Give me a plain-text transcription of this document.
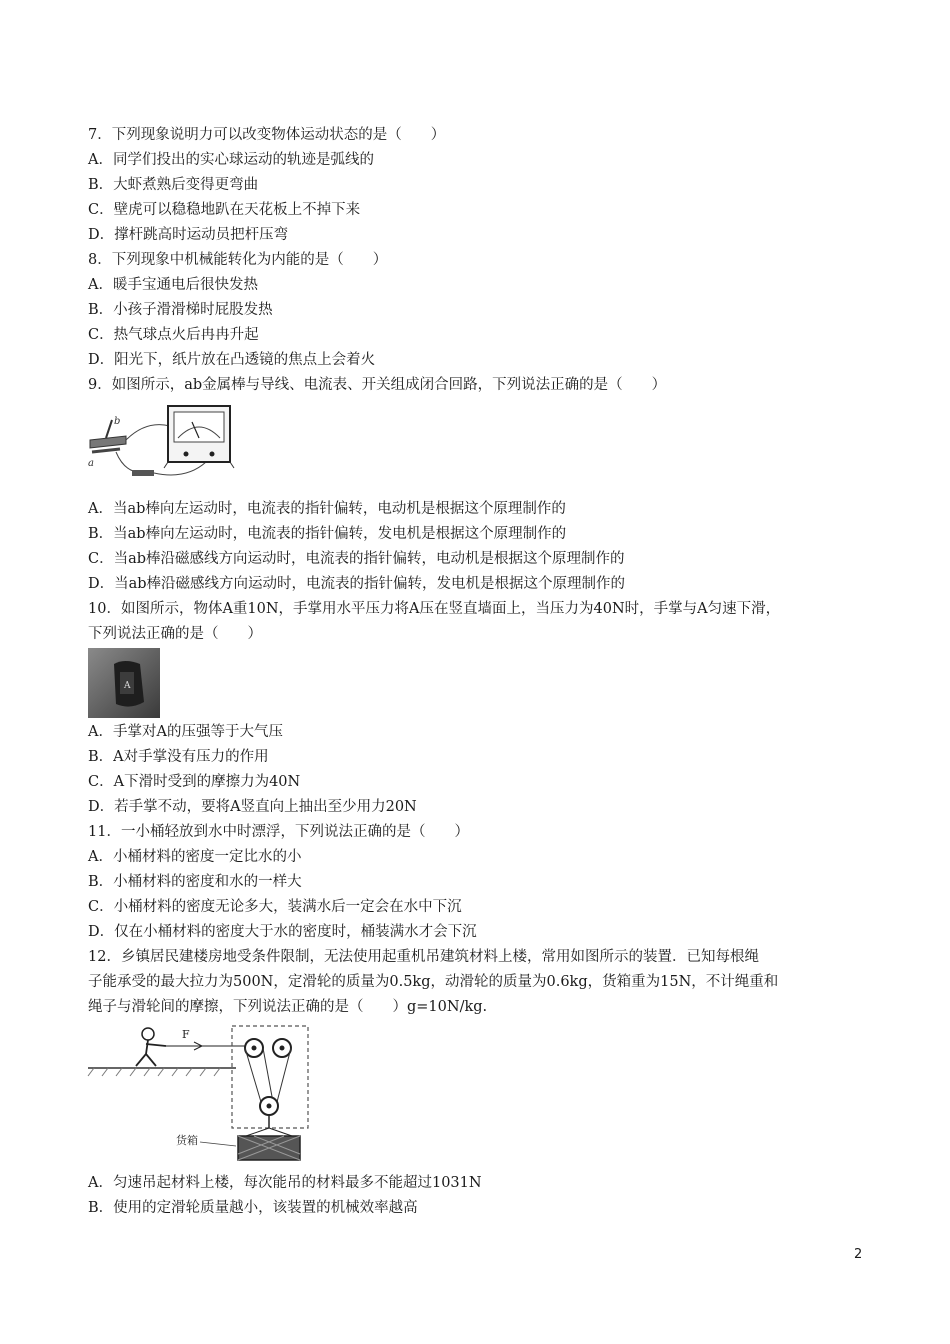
7．下列现象说明力可以改变物体运动状态的是（　　）
A．同学们投出的实心球运动的轨迹是弧线的
B．大虾煮熟后变得更弯曲
C．壁虎可以稳稳地趴在天花板上不掉下来
D．撑杆跳高时运动员把杆压弯
8．下列现象中机械能转化为内能的是（　　）
A．暖手宝通电后很快发热
B．小孩子滑滑梯时屁股发热
C．热气球点火后冉冉升起
D．阳光下，纸片放在凸透镜的焦点上会着火
9．如图所示，ab金属棒与导线、电流表、开关组成闭合回路，下列说法正确的是（　　）
b
a
A．当ab棒向左运动时，电流表的指针偏转，电动机是根据这个原理制作的
B．当ab棒向左运动时，电流表的指针偏转，发电机是根据这个原理制作的
C．当ab棒沿磁感线方向运动时，电流表的指针偏转，电动机是根据这个原理制作的
D．当ab棒沿磁感线方向运动时，电流表的指针偏转，发电机是根据这个原理制作的
10．如图所示，物体A重10N，手掌用水平压力将A压在竖直墙面上，当压力为40N时，手掌与A匀速下滑，
下列说法正确的是（　　）
A
A．手掌对A的压强等于大气压
B．A对手掌没有压力的作用
C．A下滑时受到的摩擦力为40N
D．若手掌不动，要将A竖直向上抽出至少用力20N
11．一小桶轻放到水中时漂浮，下列说法正确的是（　　）
A．小桶材料的密度一定比水的小
B．小桶材料的密度和水的一样大
C．小桶材料的密度无论多大，装满水后一定会在水中下沉
D．仅在小桶材料的密度大于水的密度时，桶装满水才会下沉
12．乡镇居民建楼房地受条件限制，无法使用起重机吊建筑材料上楼，常用如图所示的装置．已知每根绳
子能承受的最大拉力为500N，定滑轮的质量为0.5kg，动滑轮的质量为0.6kg，货箱重为15N，不计绳重和
绳子与滑轮间的摩擦，下列说法正确的是（　　）g=10N/kg.
F
货箱
A．匀速吊起材料上楼，每次能吊的材料最多不能超过1031N
B．使用的定滑轮质量越小，该装置的机械效率越高
2
